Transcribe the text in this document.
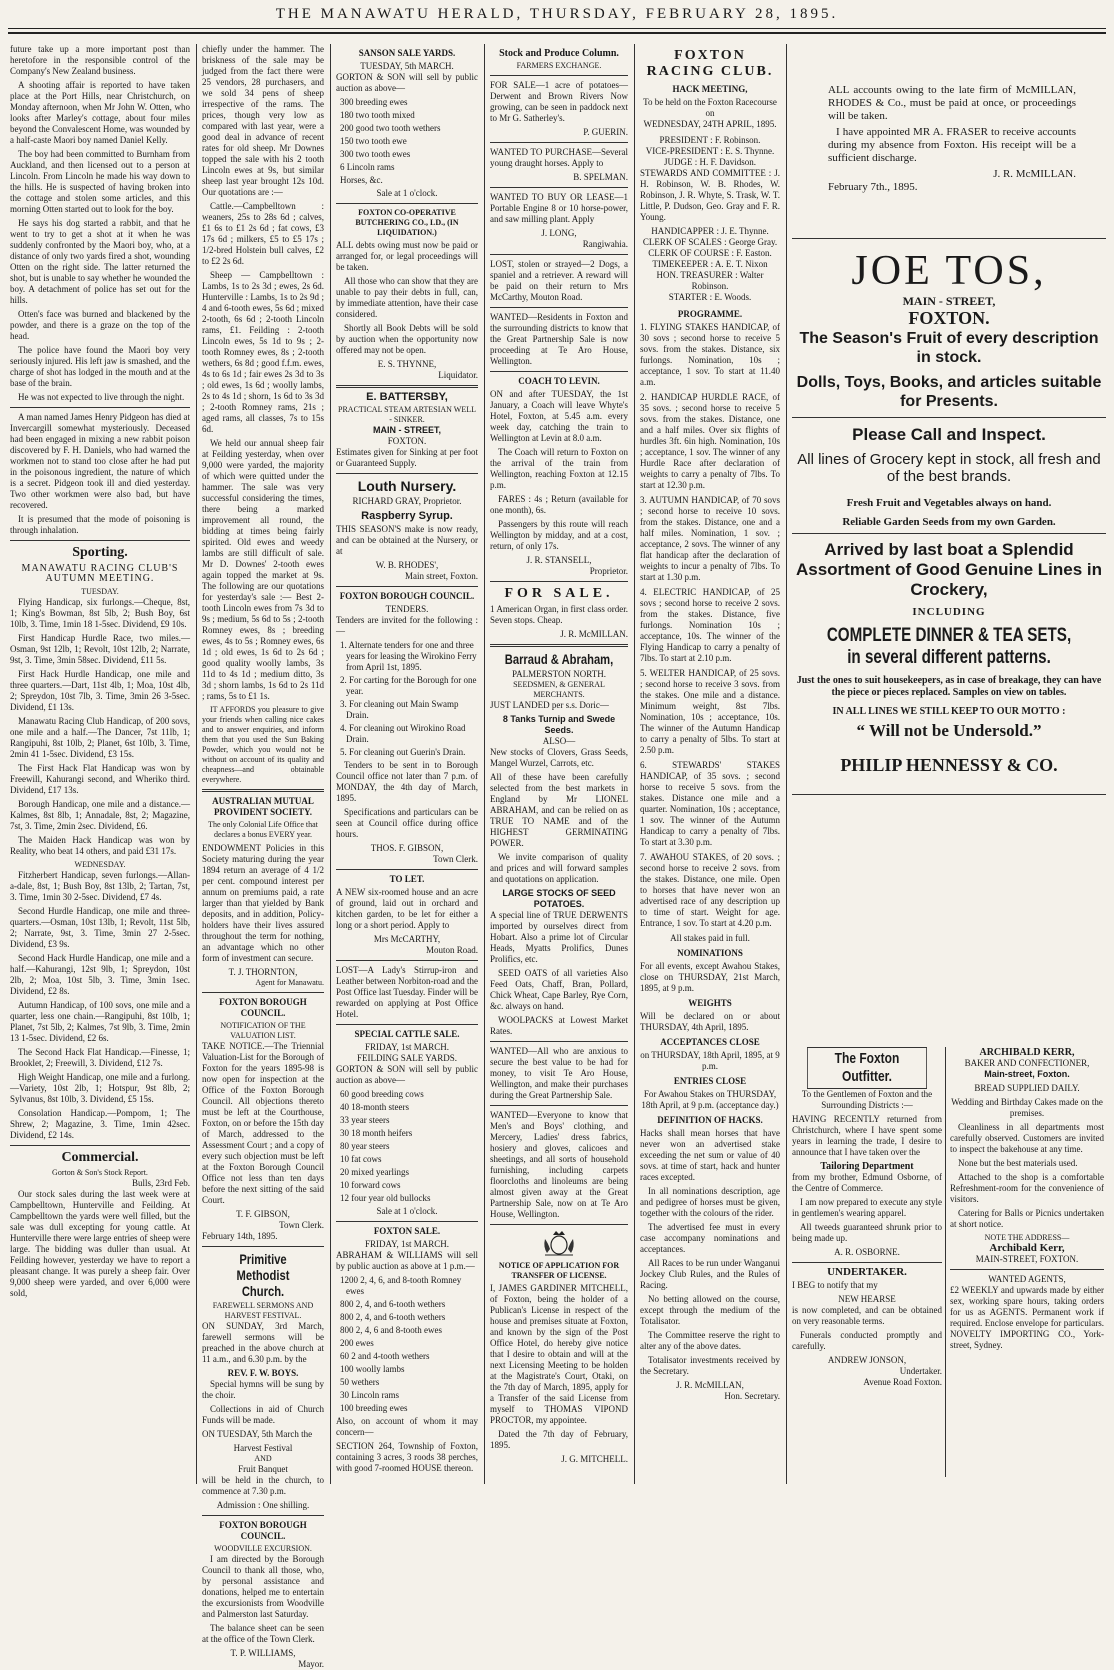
THE MANAWATU HERALD, THURSDAY, FEBRUARY 28, 1895.

future take up a more important post than heretofore in the responsible control of the Company's New Zealand business.

A shooting affair is reported to have taken place at the Port Hills, near Christchurch, on Monday afternoon, when Mr John W. Otten, who looks after Marley's cottage, about four miles beyond the Convalescent Home, was wounded by a half-caste Maori boy named Daniel Kelly.

The boy had been committed to Burnham from Auckland, and then licensed out to a person at Lincoln. From Lincoln he made his way down to the hills. He is suspected of having broken into the cottage and stolen some articles, and this morning Otten started out to look for the boy.

He says his dog started a rabbit, and that he went to try to get a shot at it when he was suddenly confronted by the Maori boy, who, at a distance of only two yards fired a shot, wounding Otten on the right side. The latter returned the shot, but is unable to say whether he wounded the boy. A detachment of police has set out for the hills.

Otten's face was burned and blackened by the powder, and there is a graze on the top of the head.

The police have found the Maori boy very seriously injured. His left jaw is smashed, and the charge of shot has lodged in the mouth and at the base of the brain.

He was not expected to live through the night.

A man named James Henry Pidgeon has died at Invercargill somewhat mysteriously. Deceased had been engaged in mixing a new rabbit poison discovered by F. H. Daniels, who had warned the workmen not to stand too close after he had put in the poisonous ingredient, the nature of which is a secret. Pidgeon took ill and died yesterday. Two other workmen were also bad, but have recovered.

It is presumed that the mode of poisoning is through inhalation.

Sporting.
MANAWATU RACING CLUB'S AUTUMN MEETING.
TUESDAY.

Flying Handicap, six furlongs.—Cheque, 8st, 1; King's Bowman, 8st 5lb, 2; Bush Boy, 6st 10lb, 3. Time, 1min 18 1-5sec. Dividend, £9 10s.

First Handicap Hurdle Race, two miles.—Osman, 9st 12lb, 1; Revolt, 10st 12lb, 2; Narrate, 9st, 3. Time, 3min 58sec. Dividend, £11 5s.

First Hack Hurdle Handicap, one mile and three quarters.—Dart, 11st 4lb, 1; Moa, 10st 4lb, 2; Spreydon, 10st 7lb, 3. Time, 3min 26 3-5sec. Dividend, £1 13s.

Manawatu Racing Club Handicap, of 200 sovs, one mile and a half.—The Dancer, 7st 11lb, 1; Rangipuhi, 8st 10lb, 2; Planet, 6st 10lb, 3. Time, 2min 41 1-5sec. Dividend, £3 15s.

The First Hack Flat Handicap was won by Freewill, Kahurangi second, and Wheriko third. Dividend, £17 13s.

Borough Handicap, one mile and a distance.—Kalmes, 8st 8lb, 1; Annadale, 8st, 2; Magazine, 7st, 3. Time, 2min 2sec. Dividend, £6.

The Maiden Hack Handicap was won by Reality, who beat 14 others, and paid £31 17s.

WEDNESDAY.

Fitzherbert Handicap, seven furlongs.—Allan-a-dale, 8st, 1; Bush Boy, 8st 13lb, 2; Tartan, 7st, 3. Time, 1min 30 2-5sec. Dividend, £7 4s.

Second Hurdle Handicap, one mile and three-quarters.—Osman, 10st 13lb, 1; Revolt, 11st 5lb, 2; Narrate, 9st, 3. Time, 3min 27 2-5sec. Dividend, £3 9s.

Second Hack Hurdle Handicap, one mile and a half.—Kahurangi, 12st 9lb, 1; Spreydon, 10st 2lb, 2; Moa, 10st 5lb, 3. Time, 3min 1sec. Dividend, £2 8s.

Autumn Handicap, of 100 sovs, one mile and a quarter, less one chain.—Rangipuhi, 8st 10lb, 1; Planet, 7st 5lb, 2; Kalmes, 7st 9lb, 3. Time, 2min 13 1-5sec. Dividend, £2 6s.

The Second Hack Flat Handicap.—Finesse, 1; Brooklet, 2; Freewill, 3. Dividend, £12 7s.

High Weight Handicap, one mile and a furlong.—Variety, 10st 2lb, 1; Hotspur, 9st 8lb, 2; Sylvanus, 8st 10lb, 3. Dividend, £5 15s.

Consolation Handicap.—Pompom, 1; The Shrew, 2; Magazine, 3. Time, 1min 42sec. Dividend, £2 14s.

Commercial.
Gorton & Son's Stock Report.
Bulls, 23rd Feb.

Our stock sales during the last week were at Campbelltown, Hunterville and Feilding. At Campbelltown the yards were well filled, but the sale was dull excepting for young cattle. At Hunterville there were large entries of sheep were large. The bidding was duller than usual. At Feilding however, yesterday we have to report a pleasant change. It was purely a sheep fair. Over 9,000 sheep were yarded, and over 6,000 were sold,

chiefly under the hammer. The briskness of the sale may be judged from the fact there were 25 vendors, 28 purchasers, and we sold 34 pens of sheep irrespective of the rams. The prices, though very low as compared with last year, were a good deal in advance of recent rates for old sheep. Mr Downes topped the sale with his 2 tooth Lincoln ewes at 9s, but similar sheep last year brought 12s 10d. Our quotations are :—

Cattle.—Campbelltown : weaners, 25s to 28s 6d ; calves, £1 6s to £1 2s 6d ; fat cows, £3 17s 6d ; milkers, £5 to £5 17s ; 1/2-bred Holstein bull calves, £2 to £2 2s 6d.

Sheep — Campbelltown : Lambs, 1s to 2s 3d ; ewes, 2s 6d. Hunterville : Lambs, 1s to 2s 9d ; 4 and 6-tooth ewes, 5s 6d ; mixed 2-tooth, 6s 6d ; 2-tooth Lincoln rams, £1. Feilding : 2-tooth Lincoln ewes, 5s 1d to 9s ; 2-tooth Romney ewes, 8s ; 2-tooth wethers, 6s 8d ; good f.f.m. ewes, 4s to 6s 1d ; fair ewes 2s 3d to 3s ; old ewes, 1s 6d ; woolly lambs, 2s to 4s 1d ; shorn, 1s 6d to 3s 3d ; 2-tooth Romney rams, 21s ; aged rams, all classes, 7s to 15s 6d.

We held our annual sheep fair at Feilding yesterday, when over 9,000 were yarded, the majority of which were quitted under the hammer. The sale was very successful considering the times, there being a marked improvement all round, the bidding at times being fairly spirited. Old ewes and weedy lambs are still difficult of sale. Mr D. Downes' 2-tooth ewes again topped the market at 9s. The following are our quotations for yesterday's sale :— Best 2-tooth Lincoln ewes from 7s 3d to 9s ; medium, 5s 6d to 5s ; 2-tooth Romney ewes, 8s ; breeding ewes, 4s to 5s ; Romney ewes, 6s 1d ; old ewes, 1s 6d to 2s 6d ; good quality woolly lambs, 3s 11d to 4s 1d ; medium ditto, 3s 3d ; shorn lambs, 1s 6d to 2s 11d ; rams, 5s to £1 1s.

IT AFFORDS you pleasure to give your friends when calling nice cakes and to answer enquiries, and inform them that you used the Sun Baking Powder, which you would not be without on account of its quality and cheapness—and obtainable everywhere.

AUSTRALIAN MUTUAL PROVIDENT SOCIETY.

The only Colonial Life Office that declares a bonus EVERY year.

ENDOWMENT Policies in this Society maturing during the year 1894 return an average of 4 1/2 per cent. compound interest per annum on premiums paid, a rate larger than that yielded by Bank deposits, and in addition, Policy-holders have their lives assured throughout the term for nothing, an advantage which no other form of investment can secure.

T. J. THORNTON,
Agent for Manawatu.
FOXTON BOROUGH COUNCIL.
NOTIFICATION OF THE VALUATION LIST.

TAKE NOTICE.—The Triennial Valuation-List for the Borough of Foxton for the years 1895-98 is now open for inspection at the Office of the Foxton Borough Council. All objections thereto must be left at the Courthouse, Foxton, on or before the 15th day of March, addressed to the Assessment Court ; and a copy of every such objection must be left at the Foxton Borough Council Office not less than ten days before the next sitting of the said Court.

T. F. GIBSON,
Town Clerk.
February 14th, 1895.
Primitive Methodist Church.
FAREWELL SERMONS AND HARVEST FESTIVAL.

ON SUNDAY, 3rd March, farewell sermons will be preached in the above church at 11 a.m., and 6.30 p.m. by the

REV. F. W. BOYS.

Special hymns will be sung by the choir.

Collections in aid of Church Funds will be made.

ON TUESDAY, 5th March the

Harvest Festival
AND
Fruit Banquet

will be held in the church, to commence at 7.30 p.m.

Admission : One shilling.
FOXTON BOROUGH COUNCIL.
WOODVILLE EXCURSION.

I am directed by the Borough Council to thank all those, who, by personal assistance and donations, helped me to entertain the excursionists from Woodville and Palmerston last Saturday.

The balance sheet can be seen at the office of the Town Clerk.

T. P. WILLIAMS,
Mayor.
SANSON SALE YARDS.
TUESDAY, 5th MARCH.

GORTON & SON will sell by public auction as above—

300 breeding ewes
180 two tooth mixed
200 good two tooth wethers
150 two tooth ewe
300 two tooth ewes
6 Lincoln rams
Horses, &c.
Sale at 1 o'clock.
FOXTON CO-OPERATIVE BUTCHERING CO., LD., (IN LIQUIDATION.)

ALL debts owing must now be paid or arranged for, or legal proceedings will be taken.

All those who can show that they are unable to pay their debts in full, can, by immediate attention, have their case considered.

Shortly all Book Debts will be sold by auction when the opportunity now offered may not be open.

E. S. THYNNE,
Liquidator.
E. BATTERSBY,
PRACTICAL STEAM ARTESIAN WELL - SINKER.
MAIN - STREET,
FOXTON.

Estimates given for Sinking at per foot or Guaranteed Supply.

Louth Nursery.
RICHARD GRAY, Proprietor.
Raspberry Syrup.

THIS SEASON'S make is now ready, and can be obtained at the Nursery, or at

W. B. RHODES',
Main street, Foxton.
FOXTON BOROUGH COUNCIL.
TENDERS.

Tenders are invited for the following :—

1. Alternate tenders for one and three years for leasing the Wirokino Ferry from April 1st, 1895.
2. For carting for the Borough for one year.
3. For cleaning out Main Swamp Drain.
4. For cleaning out Wirokino Road Drain.
5. For cleaning out Guerin's Drain.

Tenders to be sent in to Borough Council office not later than 7 p.m. of MONDAY, the 4th day of March, 1895.

Specifications and particulars can be seen at Council office during office hours.

THOS. F. GIBSON,
Town Clerk.
TO LET.

A NEW six-roomed house and an acre of ground, laid out in orchard and kitchen garden, to be let for either a long or a short period. Apply to

Mrs McCARTHY,
Mouton Road.

LOST—A Lady's Stirrup-iron and Leather between Norbiton-road and the Post Office last Tuesday. Finder will be rewarded on applying at Post Office Hotel.

SPECIAL CATTLE SALE.
FRIDAY, 1st MARCH.
FEILDING SALE YARDS.

GORTON & SON will sell by public auction as above—

60 good breeding cows
40 18-month steers
33 year steers
30 18 month heifers
80 year steers
10 fat cows
20 mixed yearlings
10 forward cows
12 four year old bullocks
Sale at 1 o'clock.
FOXTON SALE.
FRIDAY, 1st MARCH.

ABRAHAM & WILLIAMS will sell by public auction as above at 1 p.m.—

1200 2, 4, 6, and 8-tooth Romney ewes
800 2, 4, and 6-tooth wethers
800 2, 4, and 6-tooth wethers
800 2, 4, 6 and 8-tooth ewes
200 ewes
60 2 and 4-tooth wethers
100 woolly lambs
50 wethers
30 Lincoln rams
100 breeding ewes

Also, on account of whom it may concern—

SECTION 264, Township of Foxton, containing 3 acres, 3 roods 38 perches, with good 7-roomed HOUSE thereon.

Stock and Produce Column.
FARMERS EXCHANGE.

FOR SALE—1 acre of potatoes—Derwent and Brown Rivers Now growing, can be seen in paddock next to Mr G. Satherley's.

P. GUERIN.

WANTED TO PURCHASE—Several young draught horses. Apply to

B. SPELMAN.

WANTED TO BUY OR LEASE—1 Portable Engine 8 or 10 horse-power, and saw milling plant. Apply

J. LONG,
Rangiwahia.

LOST, stolen or strayed—2 Dogs, a spaniel and a retriever. A reward will be paid on their return to Mrs McCarthy, Mouton Road.

WANTED—Residents in Foxton and the surrounding districts to know that the Great Partnership Sale is now proceeding at Te Aro House, Wellington.

COACH TO LEVIN.

ON and after TUESDAY, the 1st January, a Coach will leave Whyte's Hotel, Foxton, at 5.45 a.m. every week day, catching the train to Wellington at Levin at 8.0 a.m.

The Coach will return to Foxton on the arrival of the train from Wellington, reaching Foxton at 12.15 p.m.

FARES : 4s ; Return (available for one month), 6s.

Passengers by this route will reach Wellington by midday, and at a cost, return, of only 17s.

J. R. STANSELL,
Proprietor.
FOR SALE.

1 American Organ, in first class order. Seven stops. Cheap.

J. R. McMILLAN.
Barraud & Abraham,
PALMERSTON NORTH.
SEEDSMEN, & GENERAL MERCHANTS.

JUST LANDED per s.s. Doric—

8 Tanks Turnip and Swede Seeds.
ALSO—

New stocks of Clovers, Grass Seeds, Mangel Wurzel, Carrots, etc.

All of these have been carefully selected from the best markets in England by Mr LIONEL ABRAHAM, and can be relied on as TRUE TO NAME and of the HIGHEST GERMINATING POWER.

We invite comparison of quality and prices and will forward samples and quotations on application.

LARGE STOCKS OF SEED POTATOES.

A special line of TRUE DERWENTS imported by ourselves direct from Hobart. Also a prime lot of Circular Heads, Myatts Prolifics, Dunes Prolifics, etc.

SEED OATS of all varieties Also Feed Oats, Chaff, Bran, Pollard, Chick Wheat, Cape Barley, Rye Corn, &c. always on hand.

WOOLPACKS at Lowest Market Rates.

WANTED—All who are anxious to secure the best value to be had for money, to visit Te Aro House, Wellington, and make their purchases during the Great Partnership Sale.

WANTED—Everyone to know that Men's and Boys' clothing, and Mercery, Ladies' dress fabrics, hosiery and gloves, calicoes and sheetings, and all sorts of household furnishing, including carpets floorcloths and linoleums are being almost given away at the Great Partnership Sale, now on at Te Aro House, Wellington.

NOTICE OF APPLICATION FOR TRANSFER OF LICENSE.

I, JAMES GARDINER MITCHELL, of Foxton, being the holder of a Publican's License in respect of the house and premises situate at Foxton, and known by the sign of the Post Office Hotel, do hereby give notice that I desire to obtain and will at the next Licensing Meeting to be holden at the Magistrate's Court, Otaki, on the 7th day of March, 1895, apply for a Transfer of the said License from myself to THOMAS VIPOND PROCTOR, my appointee.

Dated the 7th day of February, 1895.

J. G. MITCHELL.
FOXTON RACING CLUB.
HACK MEETING,
To be held on the Foxton Racecourse
on
WEDNESDAY, 24TH APRIL, 1895.
PRESIDENT : F. Robinson.
VICE-PRESIDENT : E. S. Thynne.
JUDGE : H. F. Davidson.

STEWARDS AND COMMITTEE : J. H. Robinson, W. B. Rhodes, W. Robinson, J. R. Whyte, S. Trask, W. T. Little, P. Dudson, Geo. Gray and F. R. Young.

HANDICAPPER : J. E. Thynne.
CLERK OF SCALES : George Gray.
CLERK OF COURSE : F. Easton.
TIMEKEEPER : A. E. T. Nixon
HON. TREASURER : Walter Robinson.
STARTER : E. Woods.
PROGRAMME.

1. FLYING STAKES HANDICAP, of 30 sovs ; second horse to receive 5 sovs. from the stakes. Distance, six furlongs. Nomination, 10s ; acceptance, 1 sov. To start at 11.40 a.m.

2. HANDICAP HURDLE RACE, of 35 sovs. ; second horse to receive 5 sovs. from the stakes. Distance, one and a half miles. Over six flights of hurdles 3ft. 6in high. Nomination, 10s ; acceptance, 1 sov. The winner of any Hurdle Race after declaration of weights to carry a penalty of 7lbs. To start at 12.30 p.m.

3. AUTUMN HANDICAP, of 70 sovs ; second horse to receive 10 sovs. from the stakes. Distance, one and a half miles. Nomination, 1 sov. ; acceptance, 2 sovs. The winner of any flat handicap after the declaration of weights to incur a penalty of 7lbs. To start at 1.30 p.m.

4. ELECTRIC HANDICAP, of 25 sovs ; second horse to receive 2 sovs. from the stakes. Distance, five furlongs. Nomination 10s ; acceptance, 10s. The winner of the Flying Handicap to carry a penalty of 7lbs. To start at 2.10 p.m.

5. WELTER HANDICAP, of 25 sovs. ; second horse to receive 3 sovs. from the stakes. One mile and a distance. Minimum weight, 8st 7lbs. Nomination, 10s ; acceptance, 10s. The winner of the Autumn Handicap to carry a penalty of 5lbs. To start at 2.50 p.m.

6. STEWARDS' STAKES HANDICAP, of 35 sovs. ; second horse to receive 5 sovs. from the stakes. Distance one mile and a quarter. Nomination, 10s ; acceptance, 1 sov. The winner of the Autumn Handicap to carry a penalty of 7lbs. To start at 3.30 p.m.

7. AWAHOU STAKES, of 20 sovs. ; second horse to receive 2 sovs. from the stakes. Distance, one mile. Open to horses that have never won an advertised race of any description up to time of start. Weight for age. Entrance, 1 sov. To start at 4.20 p.m.

All stakes paid in full.
NOMINATIONS

For all events, except Awahou Stakes, close on THURSDAY, 21st March, 1895, at 9 p.m.

WEIGHTS

Will be declared on or about THURSDAY, 4th April, 1895.

ACCEPTANCES CLOSE

on THURSDAY, 18th April, 1895, at 9 p.m.

ENTRIES CLOSE

For Awahou Stakes on THURSDAY, 18th April, at 9 p.m. (acceptance day.)

DEFINITION OF HACKS.

Hacks shall mean horses that have never won an advertised stake exceeding the net sum or value of 40 sovs. at time of start, hack and hunter races excepted.

In all nominations description, age and pedigree of horses must be given, together with the colours of the rider.

The advertised fee must in every case accompany nominations and acceptances.

All Races to be run under Wanganui Jockey Club Rules, and the Rules of Racing.

No betting allowed on the course, except through the medium of the Totalisator.

The Committee reserve the right to alter any of the above dates.

Totalisator investments received by the Secretary.

J. R. McMILLAN,
Hon. Secretary.

ALL accounts owing to the late firm of McMILLAN, RHODES & Co., must be paid at once, or proceedings will be taken.

I have appointed MR A. FRASER to receive accounts during my absence from Foxton. His receipt will be a sufficient discharge.

J. R. McMILLAN.
February 7th., 1895.
JOE TOS,
MAIN - STREET,
FOXTON.
The Season's Fruit of every description in stock.
Dolls, Toys, Books, and articles suitable for Presents.
Please Call and Inspect.
All lines of Grocery kept in stock, all fresh and of the best brands.
Fresh Fruit and Vegetables always on hand.
Reliable Garden Seeds from my own Garden.
Arrived by last boat a Splendid Assortment of Good Genuine Lines in Crockery,
INCLUDING
COMPLETE DINNER & TEA SETS, in several different patterns.
Just the ones to suit housekeepers, as in case of breakage, they can have the piece or pieces replaced. Samples on view on tables.
IN ALL LINES WE STILL KEEP TO OUR MOTTO :
“ Will not be Undersold.”
PHILIP HENNESSY & CO.
The Foxton Outfitter.

To the Gentlemen of Foxton and the Surrounding Districts :—

HAVING RECENTLY returned from Christchurch, where I have spent some years in learning the trade, I desire to announce that I have taken over the

Tailoring Department

from my brother, Edmund Osborne, of the Centre of Commerce.

I am now prepared to execute any style in gentlemen's wearing apparel.

All tweeds guaranteed shrunk prior to being made up.

A. R. OSBORNE.
UNDERTAKER.

I BEG to notify that my

NEW HEARSE

is now completed, and can be obtained on very reasonable terms.

Funerals conducted promptly and carefully.

ANDREW JONSON,
Undertaker.
Avenue Road Foxton.
ARCHIBALD KERR,
BAKER AND CONFECTIONER,
Main-street, Foxton.
BREAD SUPPLIED DAILY.

Wedding and Birthday Cakes made on the premises.

Cleanliness in all departments most carefully observed. Customers are invited to inspect the bakehouse at any time.

None but the best materials used.

Attached to the shop is a comfortable Refreshment-room for the convenience of visitors.

Catering for Balls or Picnics undertaken at short notice.

NOTE THE ADDRESS—
Archibald Kerr,
MAIN-STREET, FOXTON.
WANTED AGENTS,

£2 WEEKLY and upwards made by either sex, working spare hours, taking orders for us as AGENTS. Permanent work if required. Enclose envelope for particulars. NOVELTY IMPORTING CO., York-street, Sydney.
